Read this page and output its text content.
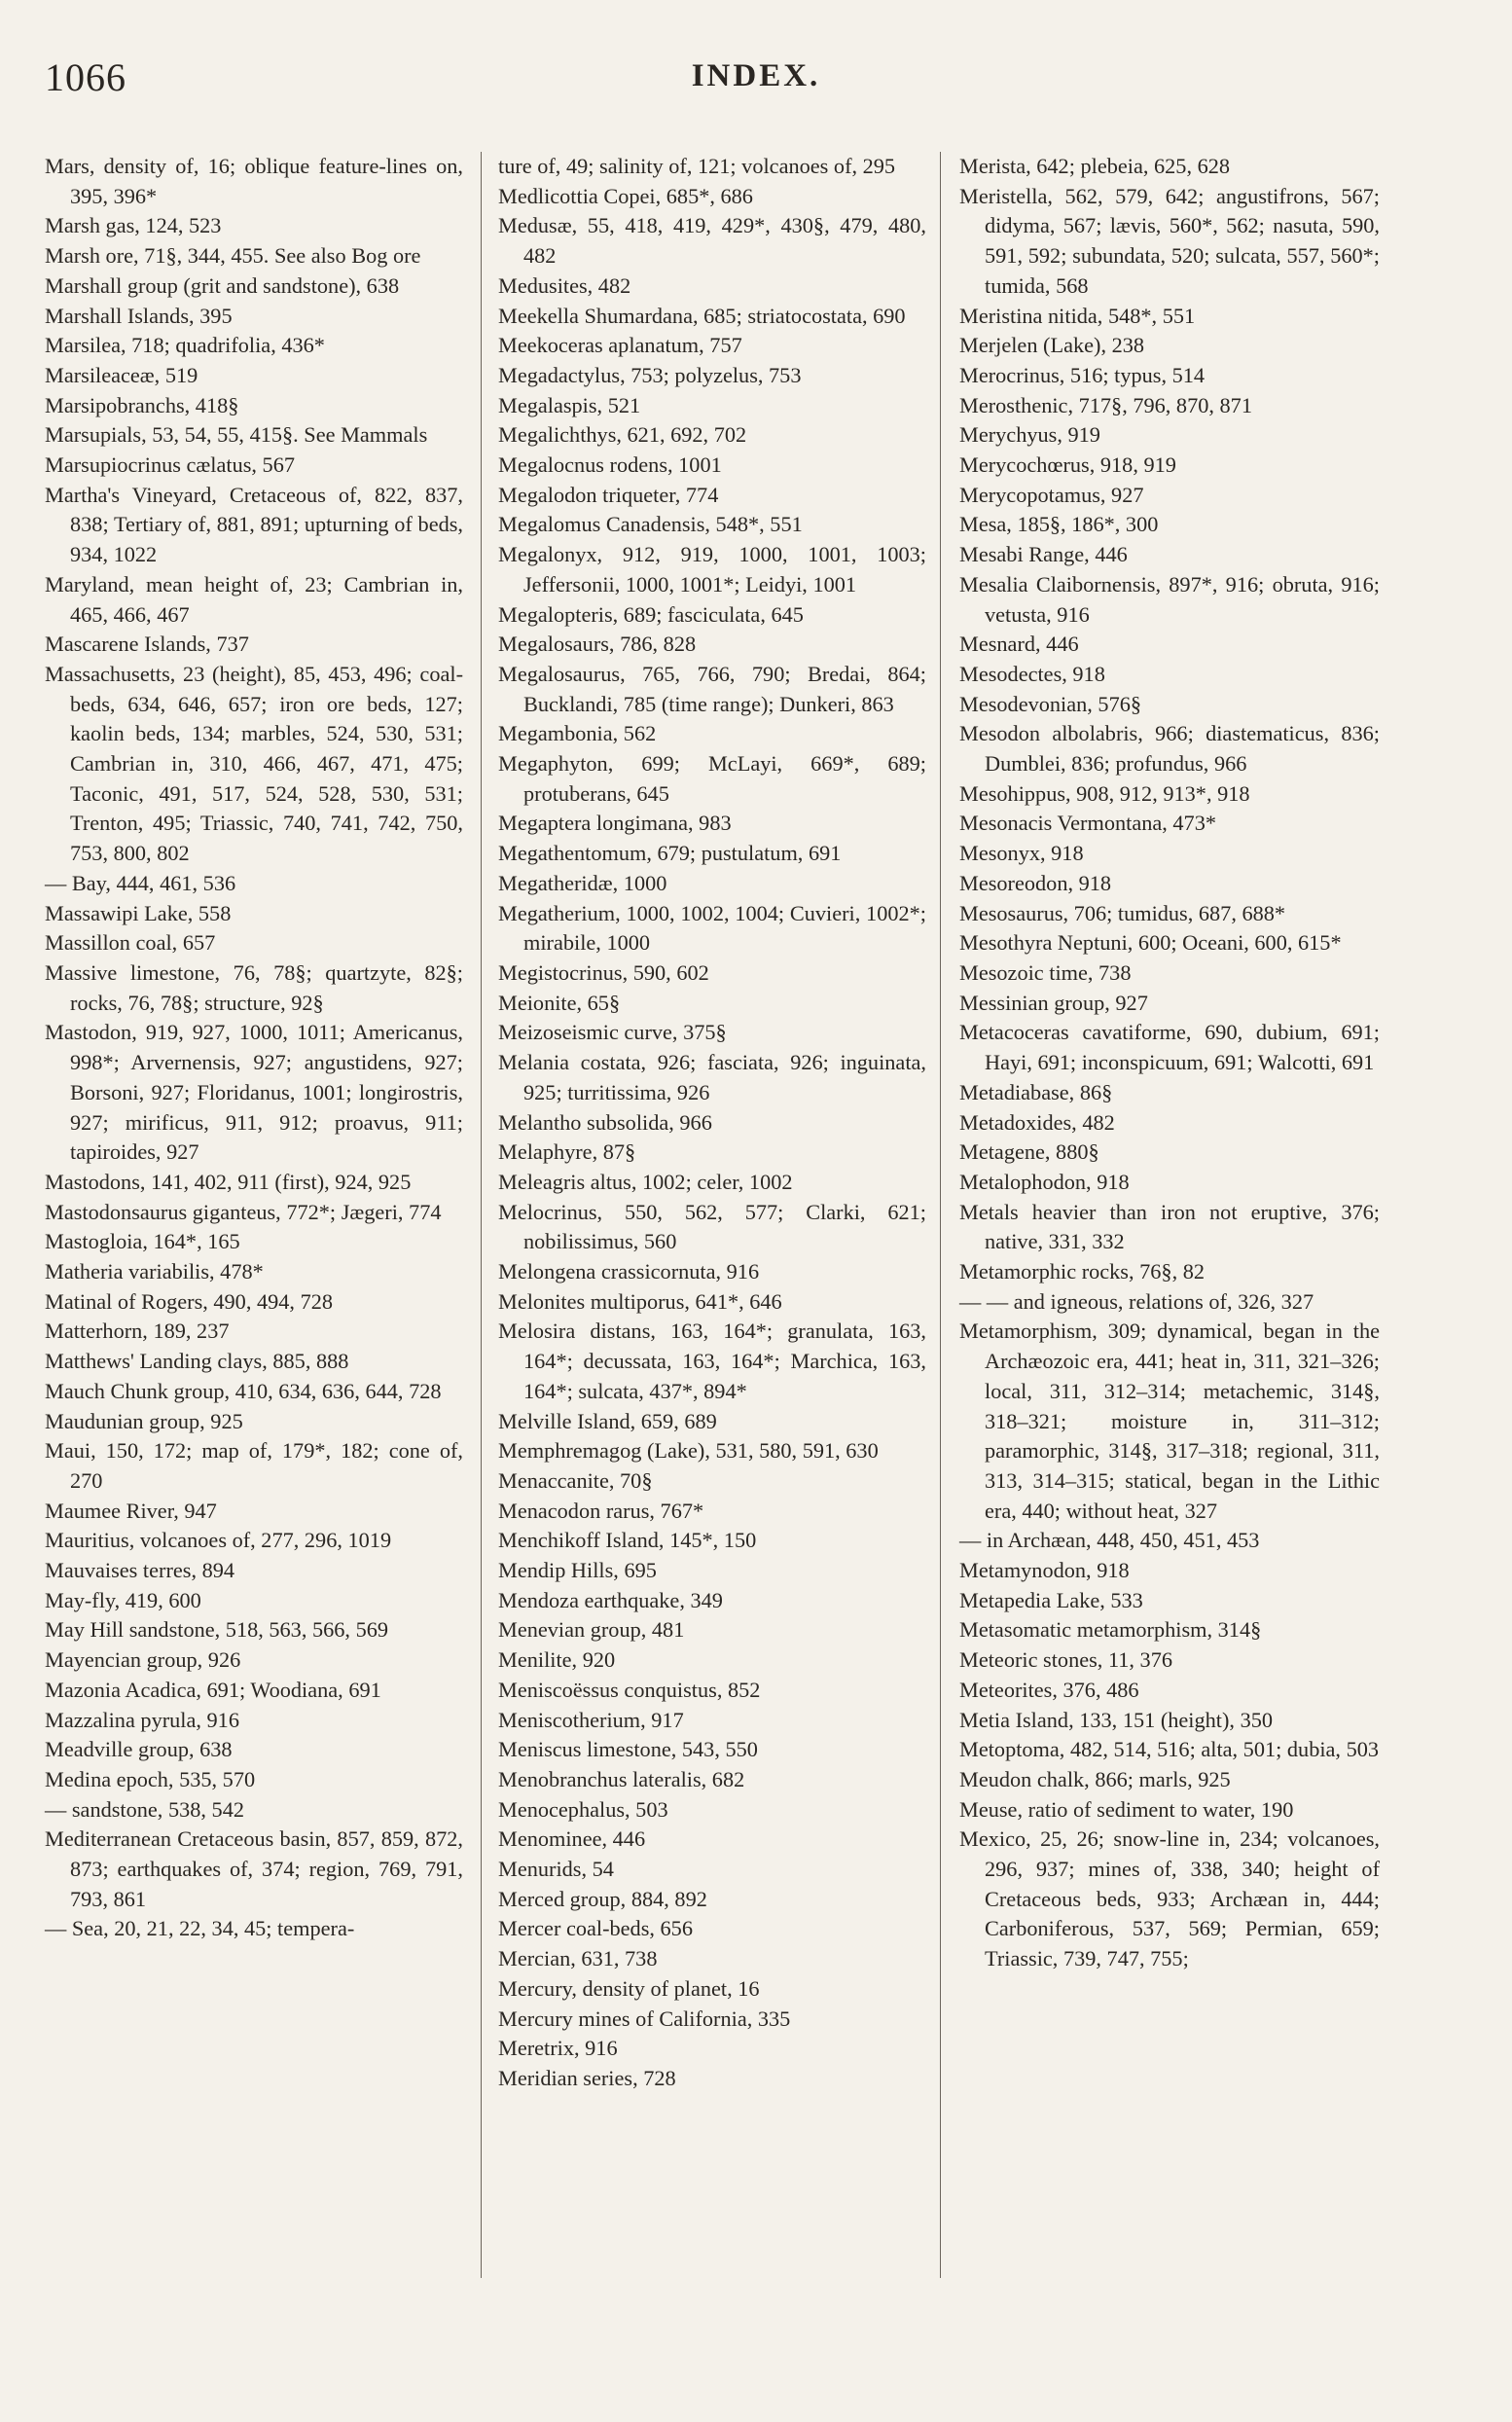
1066	INDEX.

Mars, density of, 16; oblique feature-lines on, 395, 396*

Marsh gas, 124, 523

Marsh ore, 71§, 344, 455. See also Bog ore

Marshall group (grit and sandstone), 638

Marshall Islands, 395

Marsilea, 718; quadrifolia, 436*

Marsileaceæ, 519

Marsipobranchs, 418§

Marsupials, 53, 54, 55, 415§. See Mammals

Marsupiocrinus cælatus, 567

Martha's Vineyard, Cretaceous of, 822, 837, 838; Tertiary of, 881, 891; upturning of beds, 934, 1022

Maryland, mean height of, 23; Cambrian in, 465, 466, 467

Mascarene Islands, 737

Massachusetts, 23 (height), 85, 453, 496; coal-beds, 634, 646, 657; iron ore beds, 127; kaolin beds, 134; marbles, 524, 530, 531; Cambrian in, 310, 466, 467, 471, 475; Taconic, 491, 517, 524, 528, 530, 531; Trenton, 495; Triassic, 740, 741, 742, 750, 753, 800, 802

— Bay, 444, 461, 536

Massawipi Lake, 558

Massillon coal, 657

Massive limestone, 76, 78§; quartzyte, 82§; rocks, 76, 78§; structure, 92§

Mastodon, 919, 927, 1000, 1011; Americanus, 998*; Arvernensis, 927; angustidens, 927; Borsoni, 927; Floridanus, 1001; longirostris, 927; mirificus, 911, 912; proavus, 911; tapiroides, 927

Mastodons, 141, 402, 911 (first), 924, 925

Mastodonsaurus giganteus, 772*; Jægeri, 774

Mastogloia, 164*, 165

Matheria variabilis, 478*

Matinal of Rogers, 490, 494, 728

Matterhorn, 189, 237

Matthews' Landing clays, 885, 888

Mauch Chunk group, 410, 634, 636, 644, 728

Maudunian group, 925

Maui, 150, 172; map of, 179*, 182; cone of, 270

Maumee River, 947

Mauritius, volcanoes of, 277, 296, 1019

Mauvaises terres, 894

May-fly, 419, 600

May Hill sandstone, 518, 563, 566, 569

Mayencian group, 926

Mazonia Acadica, 691; Woodiana, 691

Mazzalina pyrula, 916

Meadville group, 638

Medina epoch, 535, 570

— sandstone, 538, 542

Mediterranean Cretaceous basin, 857, 859, 872, 873; earthquakes of, 374; region, 769, 791, 793, 861

— Sea, 20, 21, 22, 34, 45; tempera-

ture of, 49; salinity of, 121; volcanoes of, 295

Medlicottia Copei, 685*, 686

Medusæ, 55, 418, 419, 429*, 430§, 479, 480, 482

Medusites, 482

Meekella Shumardana, 685; striatocostata, 690

Meekoceras aplanatum, 757

Megadactylus, 753; polyzelus, 753

Megalaspis, 521

Megalichthys, 621, 692, 702

Megalocnus rodens, 1001

Megalodon triqueter, 774

Megalomus Canadensis, 548*, 551

Megalonyx, 912, 919, 1000, 1001, 1003; Jeffersonii, 1000, 1001*; Leidyi, 1001

Megalopteris, 689; fasciculata, 645

Megalosaurs, 786, 828

Megalosaurus, 765, 766, 790; Bredai, 864; Bucklandi, 785 (time range); Dunkeri, 863

Megambonia, 562

Megaphyton, 699; McLayi, 669*, 689; protuberans, 645

Megaptera longimana, 983

Megathentomum, 679; pustulatum, 691

Megatheridæ, 1000

Megatherium, 1000, 1002, 1004; Cuvieri, 1002*; mirabile, 1000

Megistocrinus, 590, 602

Meionite, 65§

Meizoseismic curve, 375§

Melania costata, 926; fasciata, 926; inguinata, 925; turritissima, 926

Melantho subsolida, 966

Melaphyre, 87§

Meleagris altus, 1002; celer, 1002

Melocrinus, 550, 562, 577; Clarki, 621; nobilissimus, 560

Melongena crassicornuta, 916

Melonites multiporus, 641*, 646

Melosira distans, 163, 164*; granulata, 163, 164*; decussata, 163, 164*; Marchica, 163, 164*; sulcata, 437*, 894*

Melville Island, 659, 689

Memphremagog (Lake), 531, 580, 591, 630

Menaccanite, 70§

Menacodon rarus, 767*

Menchikoff Island, 145*, 150

Mendip Hills, 695

Mendoza earthquake, 349

Menevian group, 481

Menilite, 920

Meniscoëssus conquistus, 852

Meniscotherium, 917

Meniscus limestone, 543, 550

Menobranchus lateralis, 682

Menocephalus, 503

Menominee, 446

Menurids, 54

Merced group, 884, 892

Mercer coal-beds, 656

Mercian, 631, 738

Mercury, density of planet, 16

Mercury mines of California, 335

Meretrix, 916

Meridian series, 728

Merista, 642; plebeia, 625, 628

Meristella, 562, 579, 642; angustifrons, 567; didyma, 567; lævis, 560*, 562; nasuta, 590, 591, 592; subundata, 520; sulcata, 557, 560*; tumida, 568

Meristina nitida, 548*, 551

Merjelen (Lake), 238

Merocrinus, 516; typus, 514

Merosthenic, 717§, 796, 870, 871

Merychyus, 919

Merycochœrus, 918, 919

Merycopotamus, 927

Mesa, 185§, 186*, 300

Mesabi Range, 446

Mesalia Claibornensis, 897*, 916; obruta, 916; vetusta, 916

Mesnard, 446

Mesodectes, 918

Mesodevonian, 576§

Mesodon albolabris, 966; diastematicus, 836; Dumblei, 836; profundus, 966

Mesohippus, 908, 912, 913*, 918

Mesonacis Vermontana, 473*

Mesonyx, 918

Mesoreodon, 918

Mesosaurus, 706; tumidus, 687, 688*

Mesothyra Neptuni, 600; Oceani, 600, 615*

Mesozoic time, 738

Messinian group, 927

Metacoceras cavatiforme, 690, dubium, 691; Hayi, 691; inconspicuum, 691; Walcotti, 691

Metadiabase, 86§

Metadoxides, 482

Metagene, 880§

Metalophodon, 918

Metals heavier than iron not eruptive, 376; native, 331, 332

Metamorphic rocks, 76§, 82

— — and igneous, relations of, 326, 327

Metamorphism, 309; dynamical, began in the Archæozoic era, 441; heat in, 311, 321–326; local, 311, 312–314; metachemic, 314§, 318–321; moisture in, 311–312; paramorphic, 314§, 317–318; regional, 311, 313, 314–315; statical, began in the Lithic era, 440; without heat, 327

— in Archæan, 448, 450, 451, 453

Metamynodon, 918

Metapedia Lake, 533

Metasomatic metamorphism, 314§

Meteoric stones, 11, 376

Meteorites, 376, 486

Metia Island, 133, 151 (height), 350

Metoptoma, 482, 514, 516; alta, 501; dubia, 503

Meudon chalk, 866; marls, 925

Meuse, ratio of sediment to water, 190

Mexico, 25, 26; snow-line in, 234; volcanoes, 296, 937; mines of, 338, 340; height of Cretaceous beds, 933; Archæan in, 444; Carboniferous, 537, 569; Permian, 659; Triassic, 739, 747, 755;
